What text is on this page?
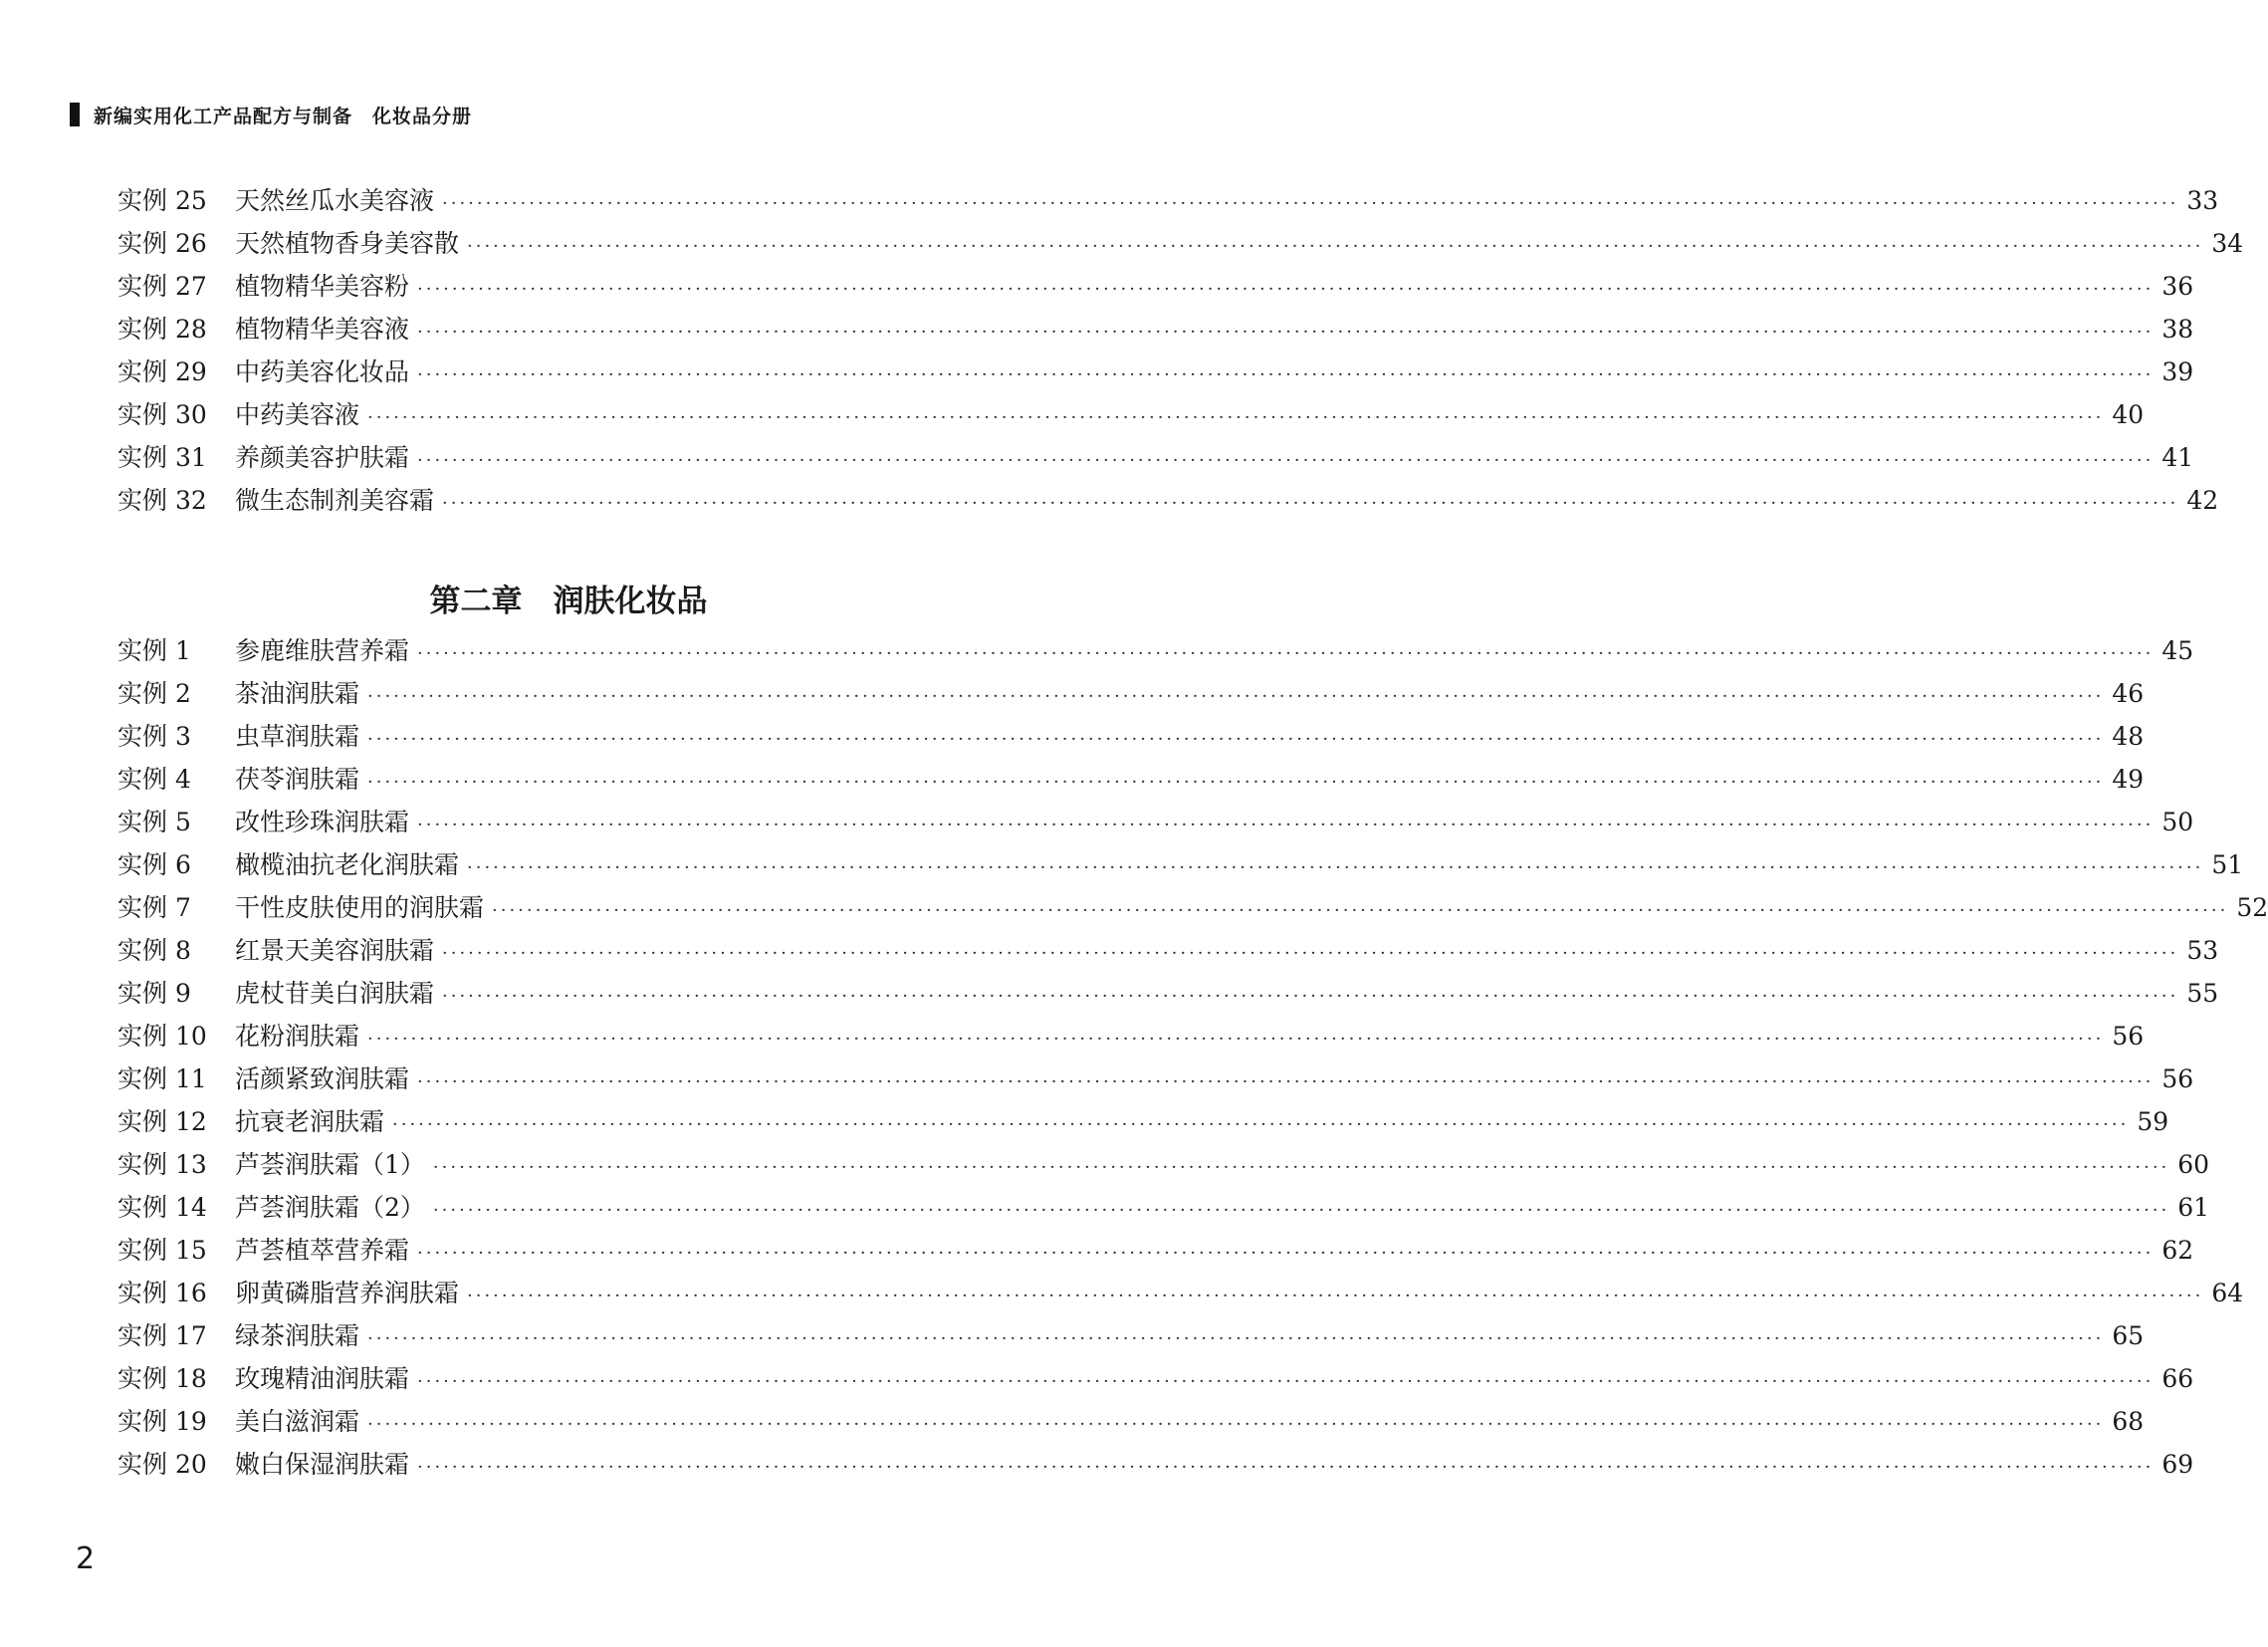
新编实用化工产品配方与制备　化妆品分册
实例 25	天然丝瓜水美容液 ········································································································································································································ 33
实例 26	天然植物香身美容散 ········································································································································································································ 34
实例 27	植物精华美容粉 ········································································································································································································ 36
实例 28	植物精华美容液 ········································································································································································································ 38
实例 29	中药美容化妆品 ········································································································································································································ 39
实例 30	中药美容液 ········································································································································································································ 40
实例 31	养颜美容护肤霜 ········································································································································································································ 41
实例 32	微生态制剂美容霜 ········································································································································································································ 42
第二章　润肤化妆品
实例 1	参鹿维肤营养霜 ········································································································································································································ 45
实例 2	茶油润肤霜 ········································································································································································································ 46
实例 3	虫草润肤霜 ········································································································································································································ 48
实例 4	茯苓润肤霜 ········································································································································································································ 49
实例 5	改性珍珠润肤霜 ········································································································································································································ 50
实例 6	橄榄油抗老化润肤霜 ········································································································································································································ 51
实例 7	干性皮肤使用的润肤霜 ········································································································································································································ 52
实例 8	红景天美容润肤霜 ········································································································································································································ 53
实例 9	虎杖苷美白润肤霜 ········································································································································································································ 55
实例 10	花粉润肤霜 ········································································································································································································ 56
实例 11	活颜紧致润肤霜 ········································································································································································································ 56
实例 12	抗衰老润肤霜 ········································································································································································································ 59
实例 13	芦荟润肤霜（1） ········································································································································································································ 60
实例 14	芦荟润肤霜（2） ········································································································································································································ 61
实例 15	芦荟植萃营养霜 ········································································································································································································ 62
实例 16	卵黄磷脂营养润肤霜 ········································································································································································································ 64
实例 17	绿茶润肤霜 ········································································································································································································ 65
实例 18	玫瑰精油润肤霜 ········································································································································································································ 66
实例 19	美白滋润霜 ········································································································································································································ 68
实例 20	嫩白保湿润肤霜 ········································································································································································································ 69
2
